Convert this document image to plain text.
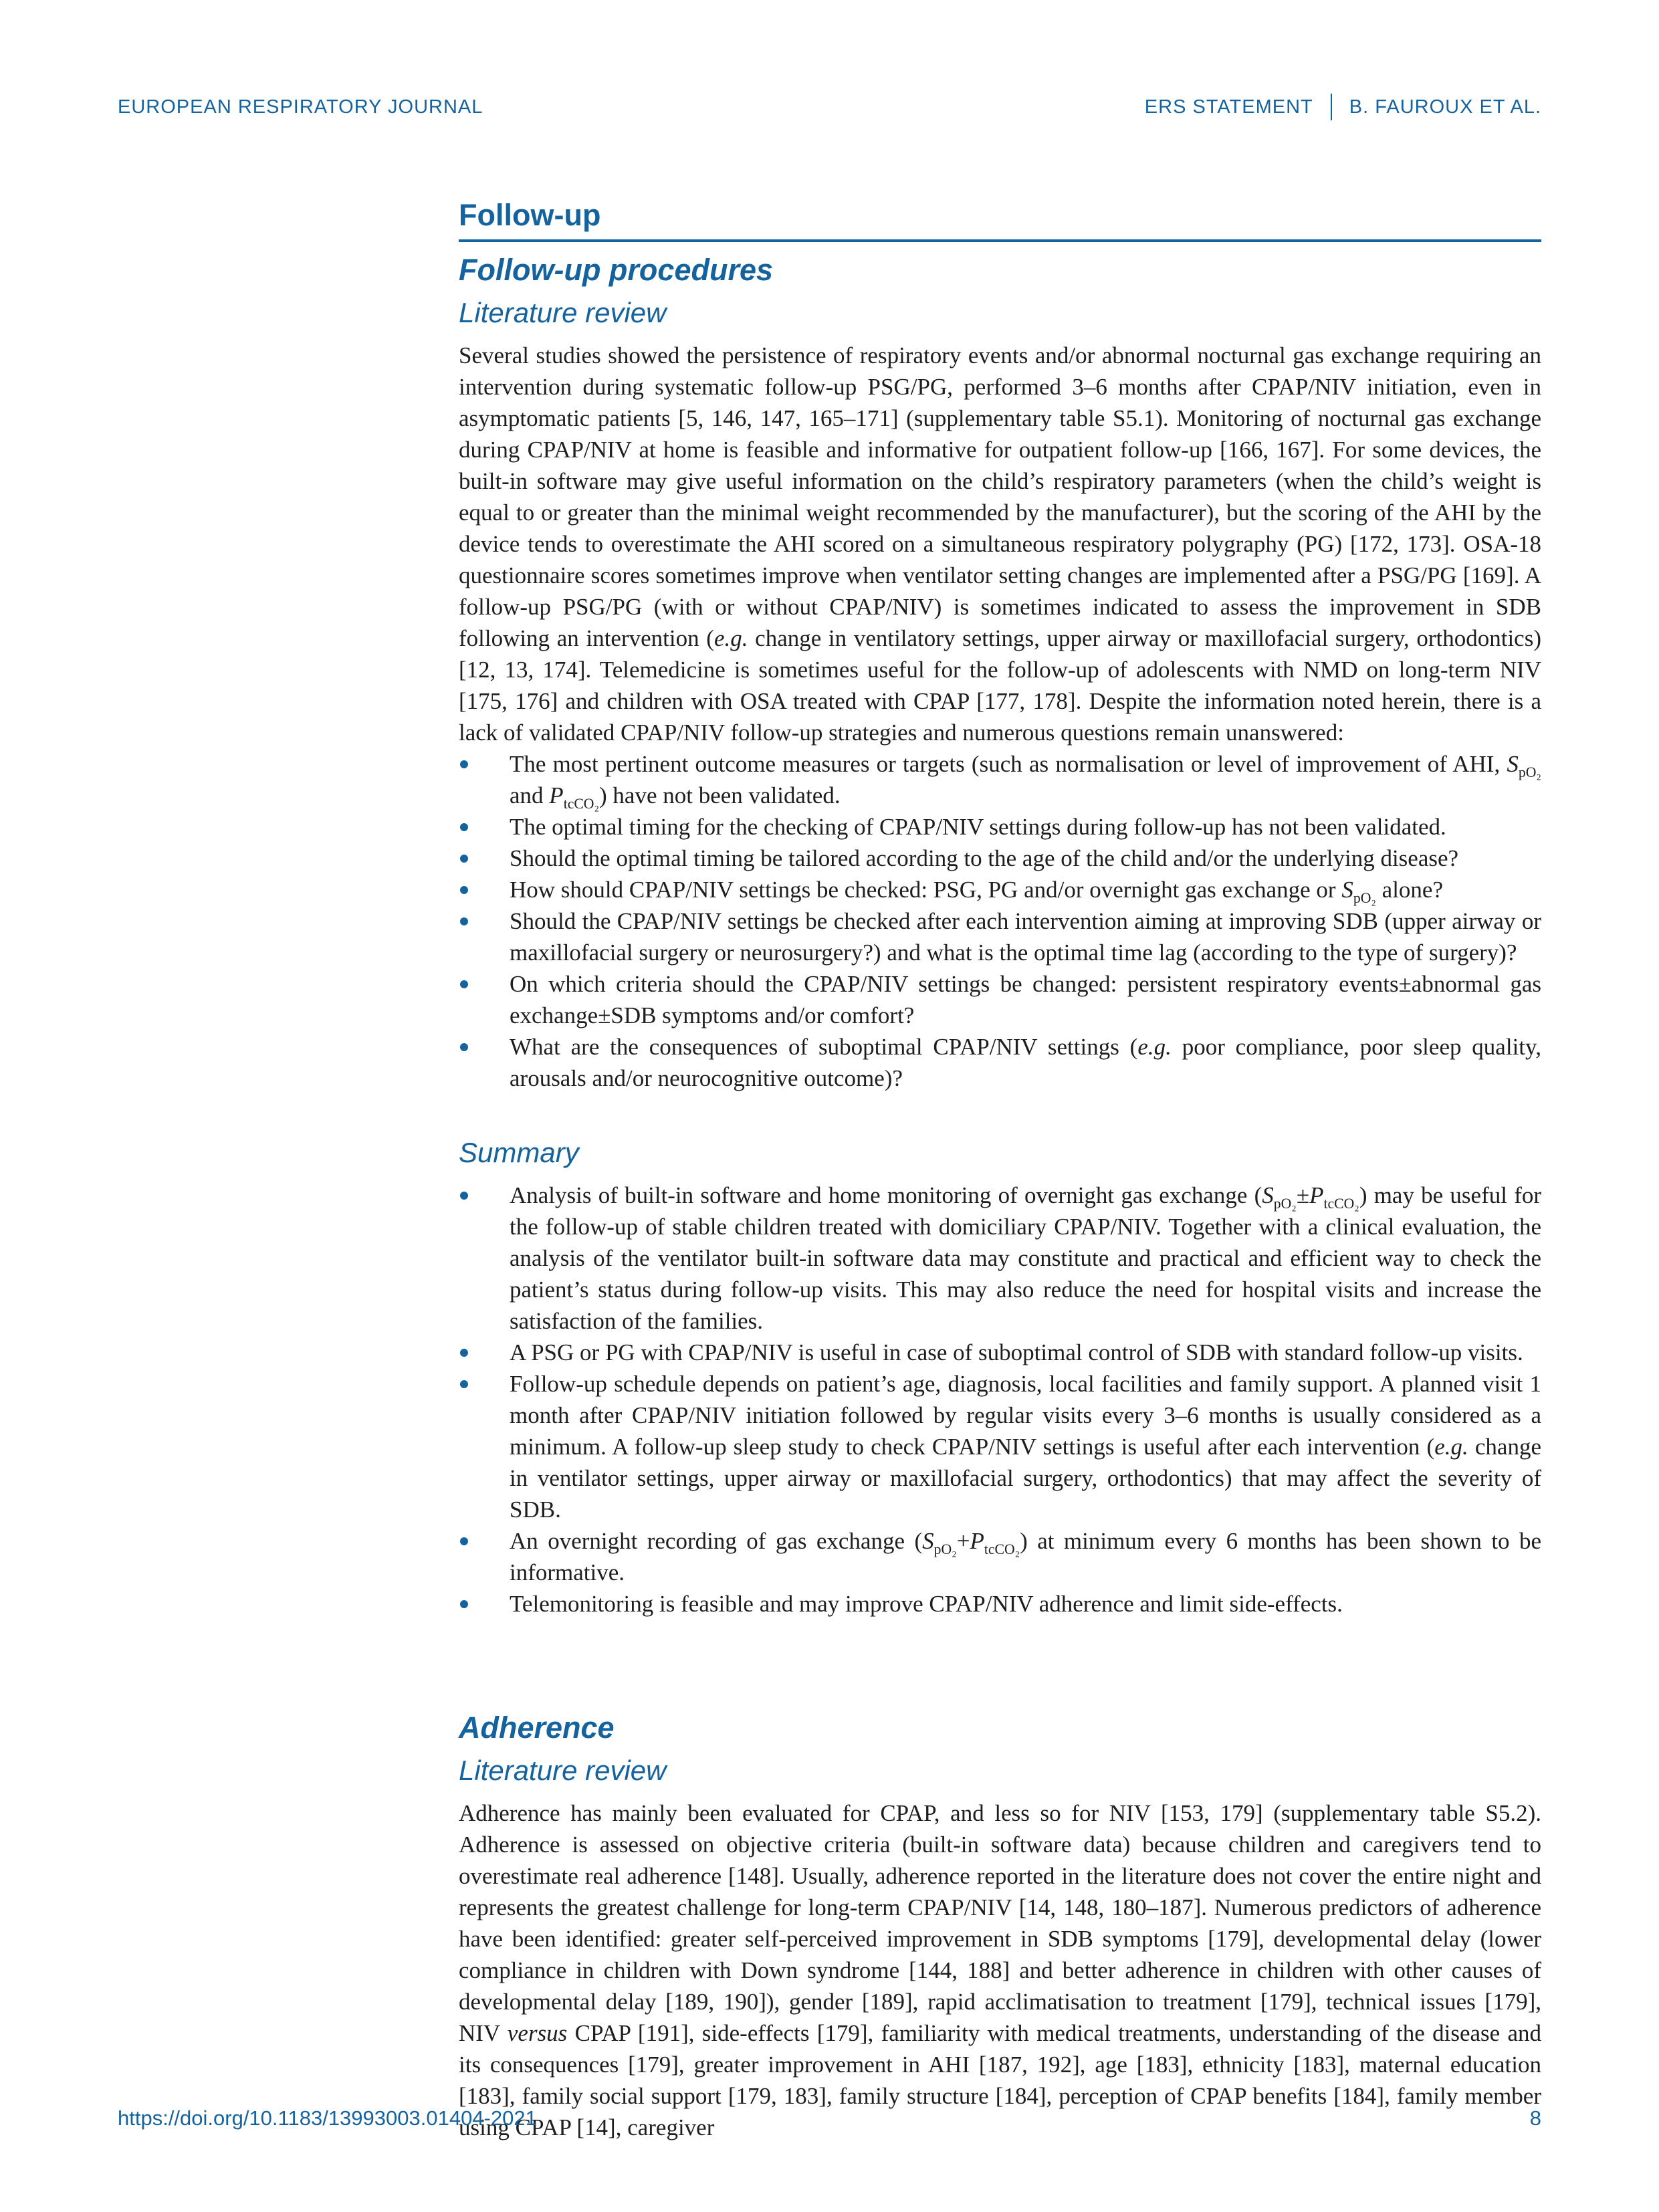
EUROPEAN RESPIRATORY JOURNAL	ERS STATEMENT B. FAUROUX ET AL.
Follow-up
Follow-up procedures
Literature review

Several studies showed the persistence of respiratory events and/or abnormal nocturnal gas exchange requiring an intervention during systematic follow-up PSG/PG, performed 3–6 months after CPAP/NIV initiation, even in asymptomatic patients [5, 146, 147, 165–171] (supplementary table S5.1). Monitoring of nocturnal gas exchange during CPAP/NIV at home is feasible and informative for outpatient follow-up [166, 167]. For some devices, the built-in software may give useful information on the child’s respiratory parameters (when the child’s weight is equal to or greater than the minimal weight recommended by the manufacturer), but the scoring of the AHI by the device tends to overestimate the AHI scored on a simultaneous respiratory polygraphy (PG) [172, 173]. OSA-18 questionnaire scores sometimes improve when ventilator setting changes are implemented after a PSG/PG [169]. A follow-up PSG/PG (with or without CPAP/NIV) is sometimes indicated to assess the improvement in SDB following an intervention (e.g. change in ventilatory settings, upper airway or maxillofacial surgery, orthodontics) [12, 13, 174]. Telemedicine is sometimes useful for the follow-up of adolescents with NMD on long-term NIV [175, 176] and children with OSA treated with CPAP [177, 178]. Despite the information noted herein, there is a lack of validated CPAP/NIV follow-up strategies and numerous questions remain unanswered:

The most pertinent outcome measures or targets (such as normalisation or level of improvement of AHI, $S_{pO_2}$ and $P_{tcCO_2}$) have not been validated.
The optimal timing for the checking of CPAP/NIV settings during follow-up has not been validated.
Should the optimal timing be tailored according to the age of the child and/or the underlying disease?
How should CPAP/NIV settings be checked: PSG, PG and/or overnight gas exchange or $S_{pO_2}$ alone?
Should the CPAP/NIV settings be checked after each intervention aiming at improving SDB (upper airway or maxillofacial surgery or neurosurgery?) and what is the optimal time lag (according to the type of surgery)?
On which criteria should the CPAP/NIV settings be changed: persistent respiratory events±abnormal gas exchange±SDB symptoms and/or comfort?
What are the consequences of suboptimal CPAP/NIV settings (e.g. poor compliance, poor sleep quality, arousals and/or neurocognitive outcome)?
Summary
Analysis of built-in software and home monitoring of overnight gas exchange $(S_{pO_2}\pm P_{tcCO_2})$ may be useful for the follow-up of stable children treated with domiciliary CPAP/NIV. Together with a clinical evaluation, the analysis of the ventilator built-in software data may constitute and practical and efficient way to check the patient’s status during follow-up visits. This may also reduce the need for hospital visits and increase the satisfaction of the families.
A PSG or PG with CPAP/NIV is useful in case of suboptimal control of SDB with standard follow-up visits.
Follow-up schedule depends on patient’s age, diagnosis, local facilities and family support. A planned visit 1 month after CPAP/NIV initiation followed by regular visits every 3–6 months is usually considered as a minimum. A follow-up sleep study to check CPAP/NIV settings is useful after each intervention (e.g. change in ventilator settings, upper airway or maxillofacial surgery, orthodontics) that may affect the severity of SDB.
An overnight recording of gas exchange $(S_{pO_2}+P_{tcCO_2})$ at minimum every 6 months has been shown to be informative.
Telemonitoring is feasible and may improve CPAP/NIV adherence and limit side-effects.
Adherence
Literature review

Adherence has mainly been evaluated for CPAP, and less so for NIV [153, 179] (supplementary table S5.2). Adherence is assessed on objective criteria (built-in software data) because children and caregivers tend to overestimate real adherence [148]. Usually, adherence reported in the literature does not cover the entire night and represents the greatest challenge for long-term CPAP/NIV [14, 148, 180–187]. Numerous predictors of adherence have been identified: greater self-perceived improvement in SDB symptoms [179], developmental delay (lower compliance in children with Down syndrome [144, 188] and better adherence in children with other causes of developmental delay [189, 190]), gender [189], rapid acclimatisation to treatment [179], technical issues [179], NIV versus CPAP [191], side-effects [179], familiarity with medical treatments, understanding of the disease and its consequences [179], greater improvement in AHI [187, 192], age [183], ethnicity [183], maternal education [183], family social support [179, 183], family structure [184], perception of CPAP benefits [184], family member using CPAP [14], caregiver

https://doi.org/10.1183/13993003.01404-2021	8
